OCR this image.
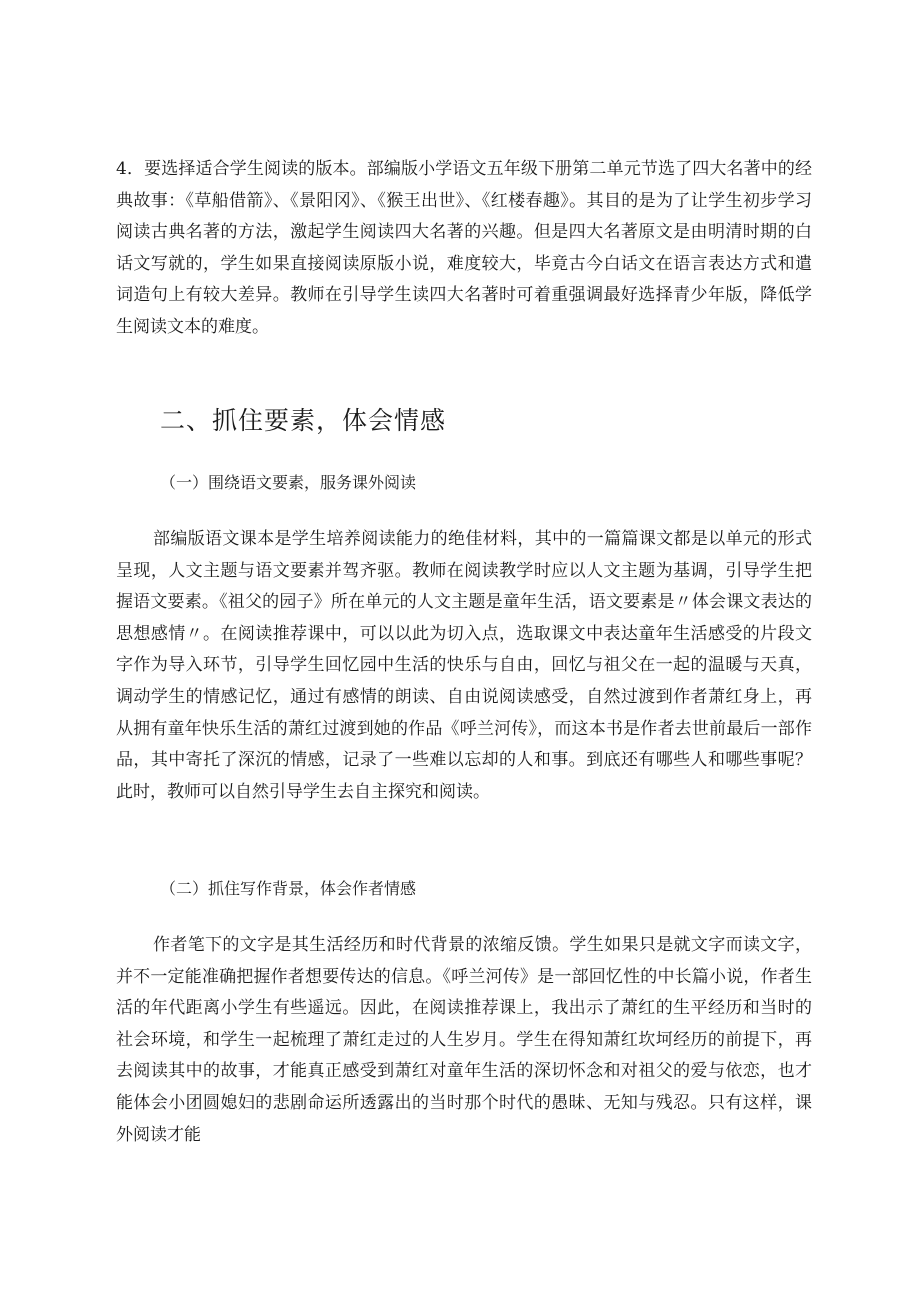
4．要选择适合学生阅读的版本。部编版小学语文五年级下册第二单元节选了四大名著中的经典故事：《草船借箭》、《景阳冈》、《猴王出世》、《红楼春趣》。其目的是为了让学生初步学习阅读古典名著的方法，激起学生阅读四大名著的兴趣。但是四大名著原文是由明清时期的白话文写就的，学生如果直接阅读原版小说，难度较大，毕竟古今白话文在语言表达方式和遣词造句上有较大差异。教师在引导学生读四大名著时可着重强调最好选择青少年版，降低学生阅读文本的难度。

二、抓住要素，体会情感
（一）围绕语文要素，服务课外阅读

部编版语文课本是学生培养阅读能力的绝佳材料，其中的一篇篇课文都是以单元的形式呈现，人文主题与语文要素并驾齐驱。教师在阅读教学时应以人文主题为基调，引导学生把握语文要素。《祖父的园子》所在单元的人文主题是童年生活，语文要素是〃体会课文表达的思想感情〃。在阅读推荐课中，可以以此为切入点，选取课文中表达童年生活感受的片段文字作为导入环节，引导学生回忆园中生活的快乐与自由，回忆与祖父在一起的温暖与天真，调动学生的情感记忆，通过有感情的朗读、自由说阅读感受，自然过渡到作者萧红身上，再从拥有童年快乐生活的萧红过渡到她的作品《呼兰河传》，而这本书是作者去世前最后一部作品，其中寄托了深沉的情感，记录了一些难以忘却的人和事。到底还有哪些人和哪些事呢？此时，教师可以自然引导学生去自主探究和阅读。

（二）抓住写作背景，体会作者情感

作者笔下的文字是其生活经历和时代背景的浓缩反馈。学生如果只是就文字而读文字，并不一定能准确把握作者想要传达的信息。《呼兰河传》是一部回忆性的中长篇小说，作者生活的年代距离小学生有些遥远。因此，在阅读推荐课上，我出示了萧红的生平经历和当时的社会环境，和学生一起梳理了萧红走过的人生岁月。学生在得知萧红坎坷经历的前提下，再去阅读其中的故事，才能真正感受到萧红对童年生活的深切怀念和对祖父的爱与依恋，也才能体会小团圆媳妇的悲剧命运所透露出的当时那个时代的愚昧、无知与残忍。只有这样，课外阅读才能
